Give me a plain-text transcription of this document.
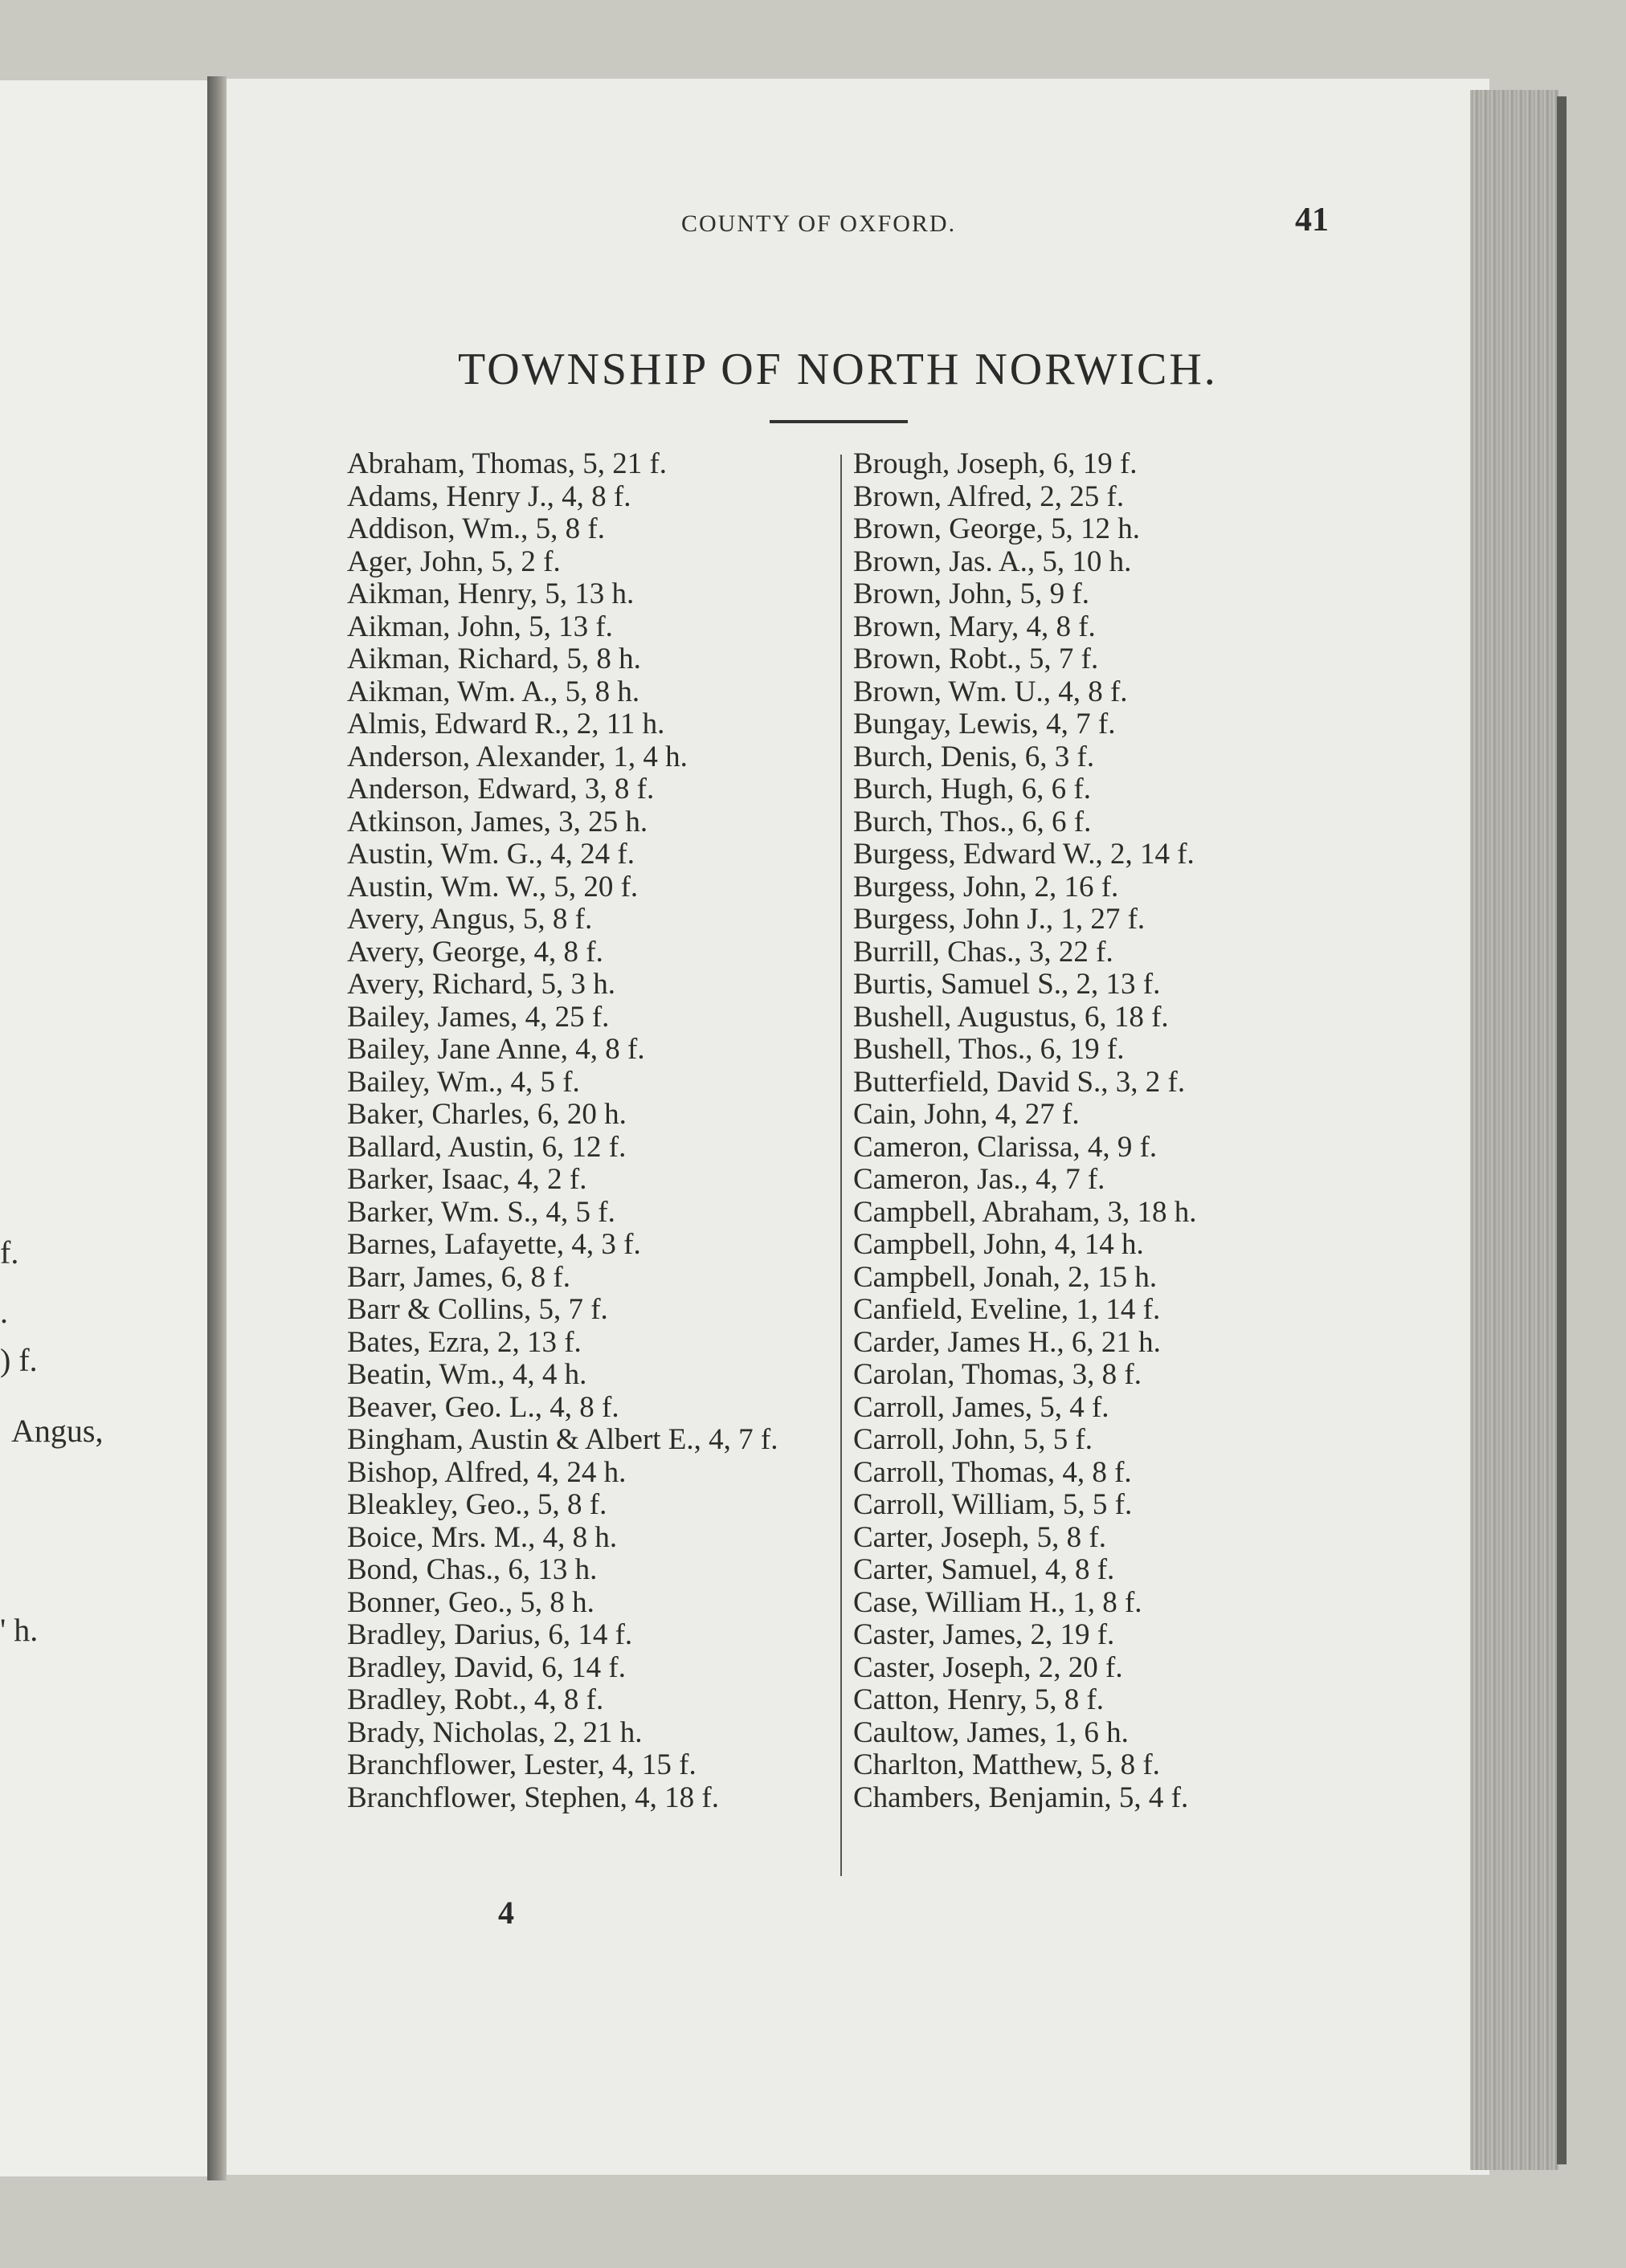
f.
.
) f.
Angus,
' h.
COUNTY OF OXFORD.	41
TOWNSHIP OF NORTH NORWICH.
Abraham, Thomas, 5, 21 f.
Adams, Henry J., 4, 8 f.
Addison, Wm., 5, 8 f.
Ager, John, 5, 2 f.
Aikman, Henry, 5, 13 h.
Aikman, John, 5, 13 f.
Aikman, Richard, 5, 8 h.
Aikman, Wm. A., 5, 8 h.
Almis, Edward R., 2, 11 h.
Anderson, Alexander, 1, 4 h.
Anderson, Edward, 3, 8 f.
Atkinson, James, 3, 25 h.
Austin, Wm. G., 4, 24 f.
Austin, Wm. W., 5, 20 f.
Avery, Angus, 5, 8 f.
Avery, George, 4, 8 f.
Avery, Richard, 5, 3 h.
Bailey, James, 4, 25 f.
Bailey, Jane Anne, 4, 8 f.
Bailey, Wm., 4, 5 f.
Baker, Charles, 6, 20 h.
Ballard, Austin, 6, 12 f.
Barker, Isaac, 4, 2 f.
Barker, Wm. S., 4, 5 f.
Barnes, Lafayette, 4, 3 f.
Barr, James, 6, 8 f.
Barr & Collins, 5, 7 f.
Bates, Ezra, 2, 13 f.
Beatin, Wm., 4, 4 h.
Beaver, Geo. L., 4, 8 f.
Bingham, Austin & Albert E., 4, 7 f.
Bishop, Alfred, 4, 24 h.
Bleakley, Geo., 5, 8 f.
Boice, Mrs. M., 4, 8 h.
Bond, Chas., 6, 13 h.
Bonner, Geo., 5, 8 h.
Bradley, Darius, 6, 14 f.
Bradley, David, 6, 14 f.
Bradley, Robt., 4, 8 f.
Brady, Nicholas, 2, 21 h.
Branchflower, Lester, 4, 15 f.
Branchflower, Stephen, 4, 18 f.
Brough, Joseph, 6, 19 f.
Brown, Alfred, 2, 25 f.
Brown, George, 5, 12 h.
Brown, Jas. A., 5, 10 h.
Brown, John, 5, 9 f.
Brown, Mary, 4, 8 f.
Brown, Robt., 5, 7 f.
Brown, Wm. U., 4, 8 f.
Bungay, Lewis, 4, 7 f.
Burch, Denis, 6, 3 f.
Burch, Hugh, 6, 6 f.
Burch, Thos., 6, 6 f.
Burgess, Edward W., 2, 14 f.
Burgess, John, 2, 16 f.
Burgess, John J., 1, 27 f.
Burrill, Chas., 3, 22 f.
Burtis, Samuel S., 2, 13 f.
Bushell, Augustus, 6, 18 f.
Bushell, Thos., 6, 19 f.
Butterfield, David S., 3, 2 f.
Cain, John, 4, 27 f.
Cameron, Clarissa, 4, 9 f.
Cameron, Jas., 4, 7 f.
Campbell, Abraham, 3, 18 h.
Campbell, John, 4, 14 h.
Campbell, Jonah, 2, 15 h.
Canfield, Eveline, 1, 14 f.
Carder, James H., 6, 21 h.
Carolan, Thomas, 3, 8 f.
Carroll, James, 5, 4 f.
Carroll, John, 5, 5 f.
Carroll, Thomas, 4, 8 f.
Carroll, William, 5, 5 f.
Carter, Joseph, 5, 8 f.
Carter, Samuel, 4, 8 f.
Case, William H., 1, 8 f.
Caster, James, 2, 19 f.
Caster, Joseph, 2, 20 f.
Catton, Henry, 5, 8 f.
Caultow, James, 1, 6 h.
Charlton, Matthew, 5, 8 f.
Chambers, Benjamin, 5, 4 f.
4
